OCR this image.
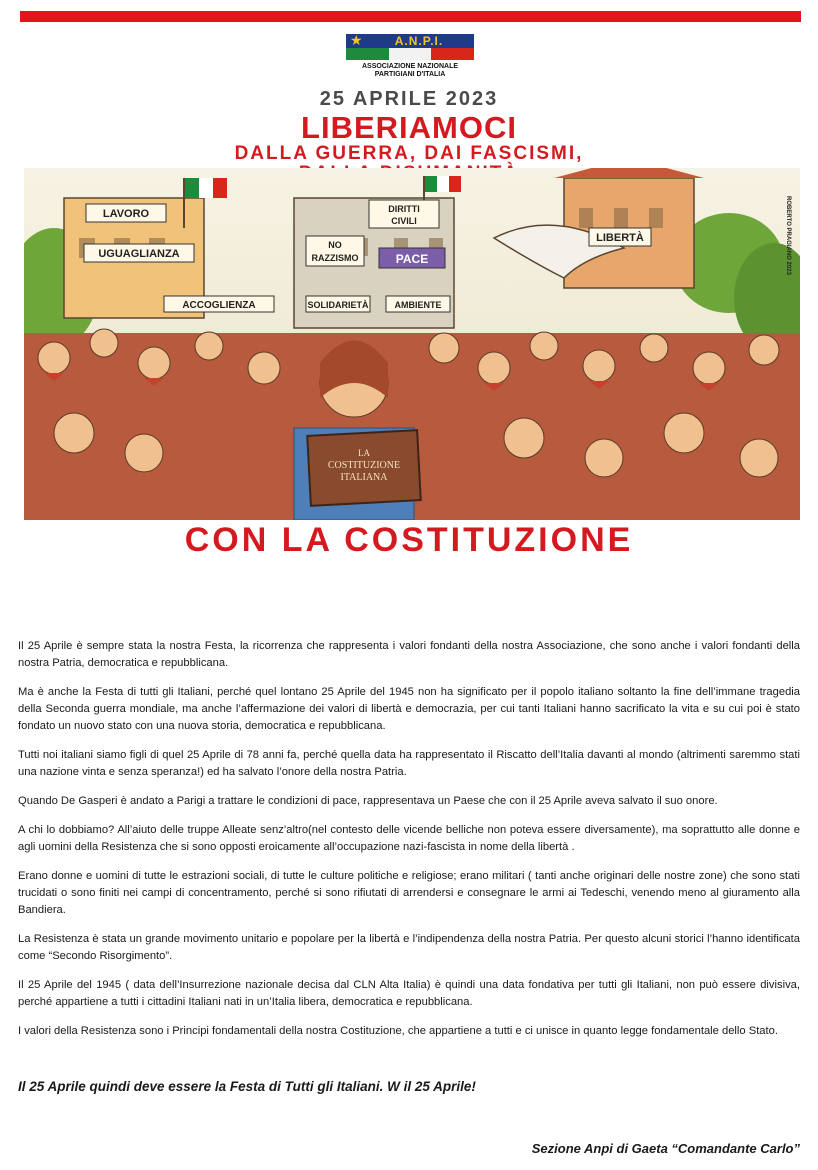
★	A.N.P.I.
ASSOCIAZIONE NAZIONALE
PARTIGIANI D'ITALIA
25 APRILE 2023
LIBERIAMOCI
DALLA GUERRA, DAI FASCISMI,
LAVORO
UGUAGLIANZA
ACCOGLIENZA
DIRITTI
CIVILI
NO
RAZZISMO	PACE
SOLIDARIETÀ	AMBIENTE
LIBERTÀ	ROBERTO PRAGIANO 2023
LA
COSTITUZIONE
ITALIANA
CON LA COSTITUZIONE

Il 25 Aprile è sempre stata la nostra Festa, la ricorrenza che rappresenta i valori fondanti della nostra Associazione, che sono anche i valori fondanti della nostra Patria, democratica e repubblicana.

Ma è anche la Festa di tutti gli Italiani, perché quel lontano 25 Aprile del 1945 non ha significato per il popolo italiano soltanto la fine dell’immane tragedia della Seconda guerra mondiale, ma anche l’affermazione dei valori di libertà e democrazia, per cui tanti Italiani hanno sacrificato la vita e su cui poi è stato fondato un nuovo stato con una nuova storia, democratica e repubblicana.

Tutti noi italiani siamo figli di quel 25 Aprile di 78 anni fa, perché quella data ha rappresentato il Riscatto dell’Italia davanti al mondo (altrimenti saremmo stati una nazione vinta e senza speranza!) ed ha salvato l’onore della nostra Patria.

Quando De Gasperi è andato a Parigi a trattare le condizioni di pace, rappresentava un Paese che con il 25 Aprile aveva salvato il suo onore.

A chi lo dobbiamo? All’aiuto delle truppe Alleate senz’altro(nel contesto delle vicende belliche non poteva essere diversamente), ma soprattutto alle donne e agli uomini della Resistenza che si sono opposti eroicamente all’occupazione nazi-fascista in nome della libertà .

Erano donne e uomini di tutte le estrazioni sociali, di tutte le culture politiche e religiose; erano militari ( tanti anche originari delle nostre zone) che sono stati trucidati o sono finiti nei campi di concentramento, perché si sono rifiutati di arrendersi e consegnare le armi ai Tedeschi, venendo meno al giuramento alla Bandiera.

La Resistenza è stata un grande movimento unitario e popolare per la libertà e l’indipendenza della nostra Patria. Per questo alcuni storici l’hanno identificata come “Secondo Risorgimento”.

Il 25 Aprile del 1945 ( data dell’Insurrezione nazionale decisa dal CLN Alta Italia) è quindi una data fondativa per tutti gli Italiani, non può essere divisiva, perché appartiene a tutti i cittadini Italiani nati in un’Italia libera, democratica e repubblicana.

I valori della Resistenza sono i Principi fondamentali della nostra Costituzione, che appartiene a tutti e ci unisce in quanto legge fondamentale dello Stato.

Il 25 Aprile quindi deve essere la Festa di Tutti gli Italiani. W il 25 Aprile!
Sezione Anpi di Gaeta “Comandante Carlo”
